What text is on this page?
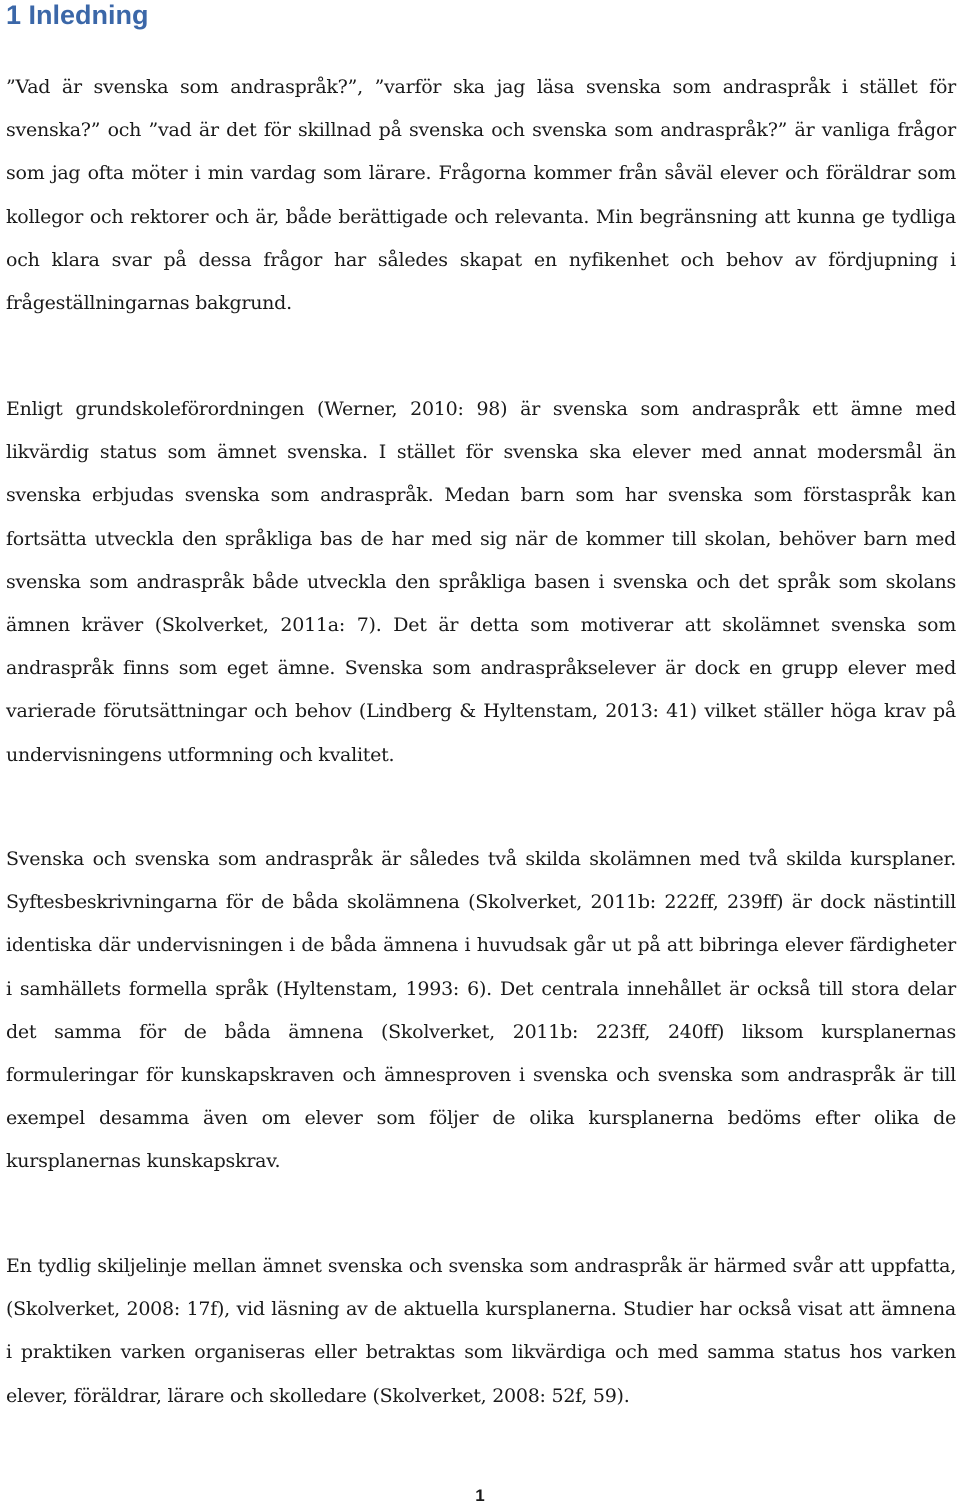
1 Inledning

”Vad är svenska som andraspråk?”, ”varför ska jag läsa svenska som andraspråk i stället för svenska?” och ”vad är det för skillnad på svenska och svenska som andraspråk?” är vanliga frågor som jag ofta möter i min vardag som lärare. Frågorna kommer från såväl elever och föräldrar som kollegor och rektorer och är, både berättigade och relevanta. Min begränsning att kunna ge tydliga och klara svar på dessa frågor har således skapat en nyfikenhet och behov av fördjupning i frågeställningarnas bakgrund.

Enligt grundskoleförordningen (Werner, 2010: 98) är svenska som andraspråk ett ämne med likvärdig status som ämnet svenska. I stället för svenska ska elever med annat modersmål än svenska erbjudas svenska som andraspråk. Medan barn som har svenska som förstaspråk kan fortsätta utveckla den språkliga bas de har med sig när de kommer till skolan, behöver barn med svenska som andraspråk både utveckla den språkliga basen i svenska och det språk som skolans ämnen kräver (Skolverket, 2011a: 7). Det är detta som motiverar att skolämnet svenska som andraspråk finns som eget ämne. Svenska som andraspråkselever är dock en grupp elever med varierade förutsättningar och behov (Lindberg & Hyltenstam, 2013: 41) vilket ställer höga krav på undervisningens utformning och kvalitet.

Svenska och svenska som andraspråk är således två skilda skolämnen med två skilda kursplaner. Syftesbeskrivningarna för de båda skolämnena (Skolverket, 2011b: 222ff, 239ff) är dock nästintill identiska där undervisningen i de båda ämnena i huvudsak går ut på att bibringa elever färdigheter i samhällets formella språk (Hyltenstam, 1993: 6). Det centrala innehållet är också till stora delar det samma för de båda ämnena (Skolverket, 2011b: 223ff, 240ff) liksom kursplanernas formuleringar för kunskapskraven och ämnesproven i svenska och svenska som andraspråk är till exempel desamma även om elever som följer de olika kursplanerna bedöms efter olika de kursplanernas kunskapskrav.

En tydlig skiljelinje mellan ämnet svenska och svenska som andraspråk är härmed svår att uppfatta, (Skolverket, 2008: 17f), vid läsning av de aktuella kursplanerna. Studier har också visat att ämnena i praktiken varken organiseras eller betraktas som likvärdiga och med samma status hos varken elever, föräldrar, lärare och skolledare (Skolverket, 2008: 52f, 59).

1
